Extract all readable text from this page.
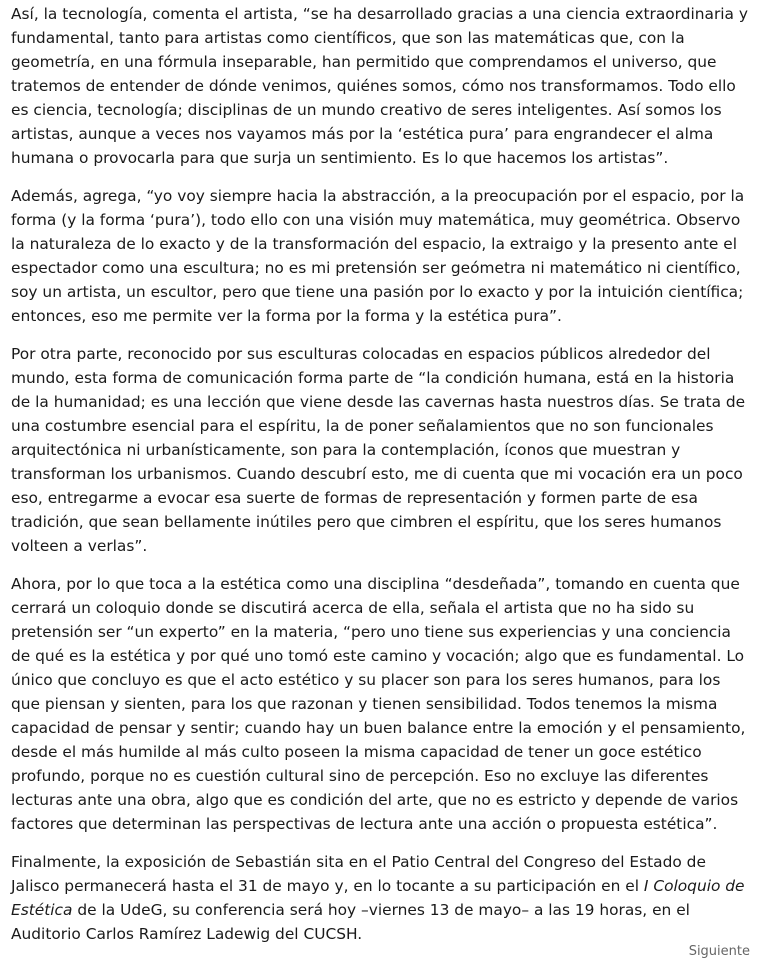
Así, la tecnología, comenta el artista, “se ha desarrollado gracias a una ciencia extraordinaria y fundamental, tanto para artistas como científicos, que son las matemáticas que, con la geometría, en una fórmula inseparable, han permitido que comprendamos el universo, que tratemos de entender de dónde venimos, quiénes somos, cómo nos transformamos. Todo ello es ciencia, tecnología; disciplinas de un mundo creativo de seres inteligentes. Así somos los artistas, aunque a veces nos vayamos más por la ‘estética pura’ para engrandecer el alma humana o provocarla para que surja un sentimiento. Es lo que hacemos los artistas”.

Además, agrega, “yo voy siempre hacia la abstracción, a la preocupación por el espacio, por la forma (y la forma ‘pura’), todo ello con una visión muy matemática, muy geométrica. Observo la naturaleza de lo exacto y de la transformación del espacio, la extraigo y la presento ante el espectador como una escultura; no es mi pretensión ser geómetra ni matemático ni científico, soy un artista, un escultor, pero que tiene una pasión por lo exacto y por la intuición científica; entonces, eso me permite ver la forma por la forma y la estética pura”.

Por otra parte, reconocido por sus esculturas colocadas en espacios públicos alrededor del mundo, esta forma de comunicación forma parte de “la condición humana, está en la historia de la humanidad; es una lección que viene desde las cavernas hasta nuestros días. Se trata de una costumbre esencial para el espíritu, la de poner señalamientos que no son funcionales arquitectónica ni urbanísticamente, son para la contemplación, íconos que muestran y transforman los urbanismos. Cuando descubrí esto, me di cuenta que mi vocación era un poco eso, entregarme a evocar esa suerte de formas de representación y formen parte de esa tradición, que sean bellamente inútiles pero que cimbren el espíritu, que los seres humanos volteen a verlas”.

Ahora, por lo que toca a la estética como una disciplina “desdeñada”, tomando en cuenta que cerrará un coloquio donde se discutirá acerca de ella, señala el artista que no ha sido su pretensión ser “un experto” en la materia, “pero uno tiene sus experiencias y una conciencia de qué es la estética y por qué uno tomó este camino y vocación; algo que es fundamental. Lo único que concluyo es que el acto estético y su placer son para los seres humanos, para los que piensan y sienten, para los que razonan y tienen sensibilidad. Todos tenemos la misma capacidad de pensar y sentir; cuando hay un buen balance entre la emoción y el pensamiento, desde el más humilde al más culto poseen la misma capacidad de tener un goce estético profundo, porque no es cuestión cultural sino de percepción. Eso no excluye las diferentes lecturas ante una obra, algo que es condición del arte, que no es estricto y depende de varios factores que determinan las perspectivas de lectura ante una acción o propuesta estética”.

Finalmente, la exposición de Sebastián sita en el Patio Central del Congreso del Estado de Jalisco permanecerá hasta el 31 de mayo y, en lo tocante a su participación en el I Coloquio de Estética de la UdeG, su conferencia será hoy –viernes 13 de mayo– a las 19 horas, en el Auditorio Carlos Ramírez Ladewig del CUCSH.

Siguiente
